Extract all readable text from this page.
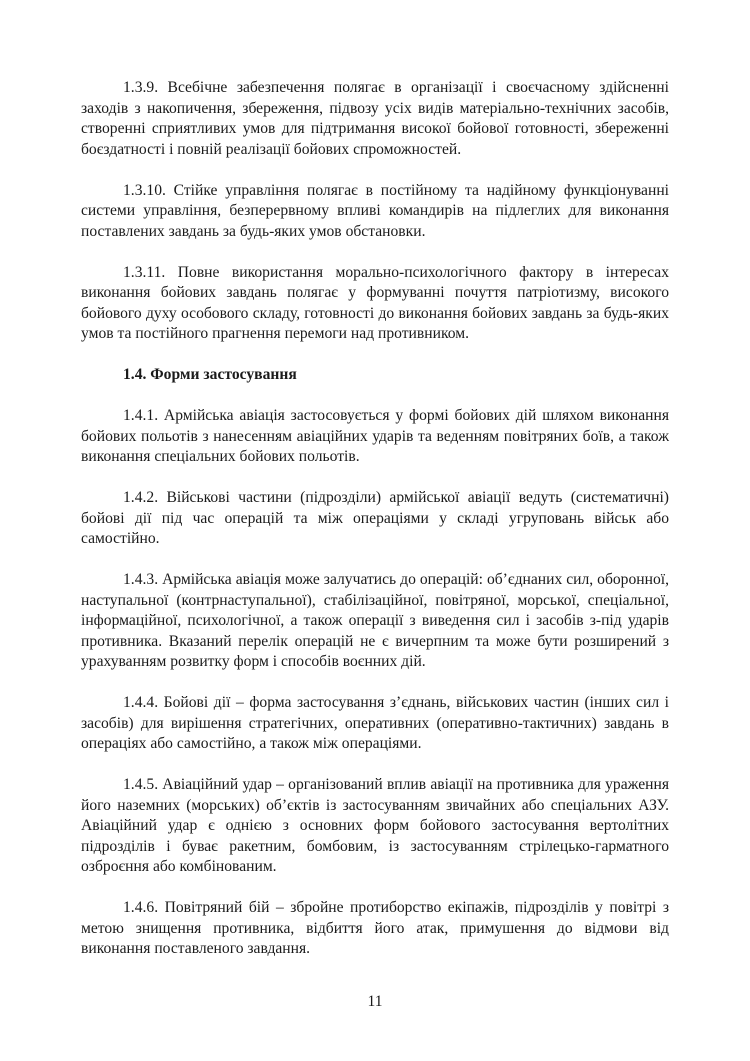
1.3.9. Всебічне забезпечення полягає в організації і своєчасному здійсненні заходів з накопичення, збереження, підвозу усіх видів матеріально-технічних засобів, створенні сприятливих умов для підтримання високої бойової готовності, збереженні боєздатності і повній реалізації бойових спроможностей.

1.3.10. Стійке управління полягає в постійному та надійному функціонуванні системи управління, безперервному впливі командирів на підлеглих для виконання поставлених завдань за будь-яких умов обстановки.

1.3.11. Повне використання морально-психологічного фактору в інтересах виконання бойових завдань полягає у формуванні почуття патріотизму, високого бойового духу особового складу, готовності до виконання бойових завдань за будь-яких умов та постійного прагнення перемоги над противником.

1.4. Форми застосування

1.4.1. Армійська авіація застосовується у формі бойових дій шляхом виконання бойових польотів з нанесенням авіаційних ударів та веденням повітряних боїв, а також виконання спеціальних бойових польотів.

1.4.2. Військові частини (підрозділи) армійської авіації ведуть (систематичні) бойові дії під час операцій та між операціями у складі угруповань військ або самостійно.

1.4.3. Армійська авіація може залучатись до операцій: об’єднаних сил, оборонної, наступальної (контрнаступальної), стабілізаційної, повітряної, морської, спеціальної, інформаційної, психологічної, а також операції з виведення сил і засобів з-під ударів противника. Вказаний перелік операцій не є вичерпним та може бути розширений з урахуванням розвитку форм і способів воєнних дій.

1.4.4. Бойові дії – форма застосування з’єднань, військових частин (інших сил і засобів) для вирішення стратегічних, оперативних (оперативно-тактичних) завдань в операціях або самостійно, а також між операціями.

1.4.5. Авіаційний удар – організований вплив авіації на противника для ураження його наземних (морських) об’єктів із застосуванням звичайних або спеціальних АЗУ. Авіаційний удар є однією з основних форм бойового застосування вертолітних підрозділів і буває ракетним, бомбовим, із застосуванням стрілецько-гарматного озброєння або комбінованим.

1.4.6. Повітряний бій – збройне протиборство екіпажів, підрозділів у повітрі з метою знищення противника, відбиття його атак, примушення до відмови від виконання поставленого завдання.

11
